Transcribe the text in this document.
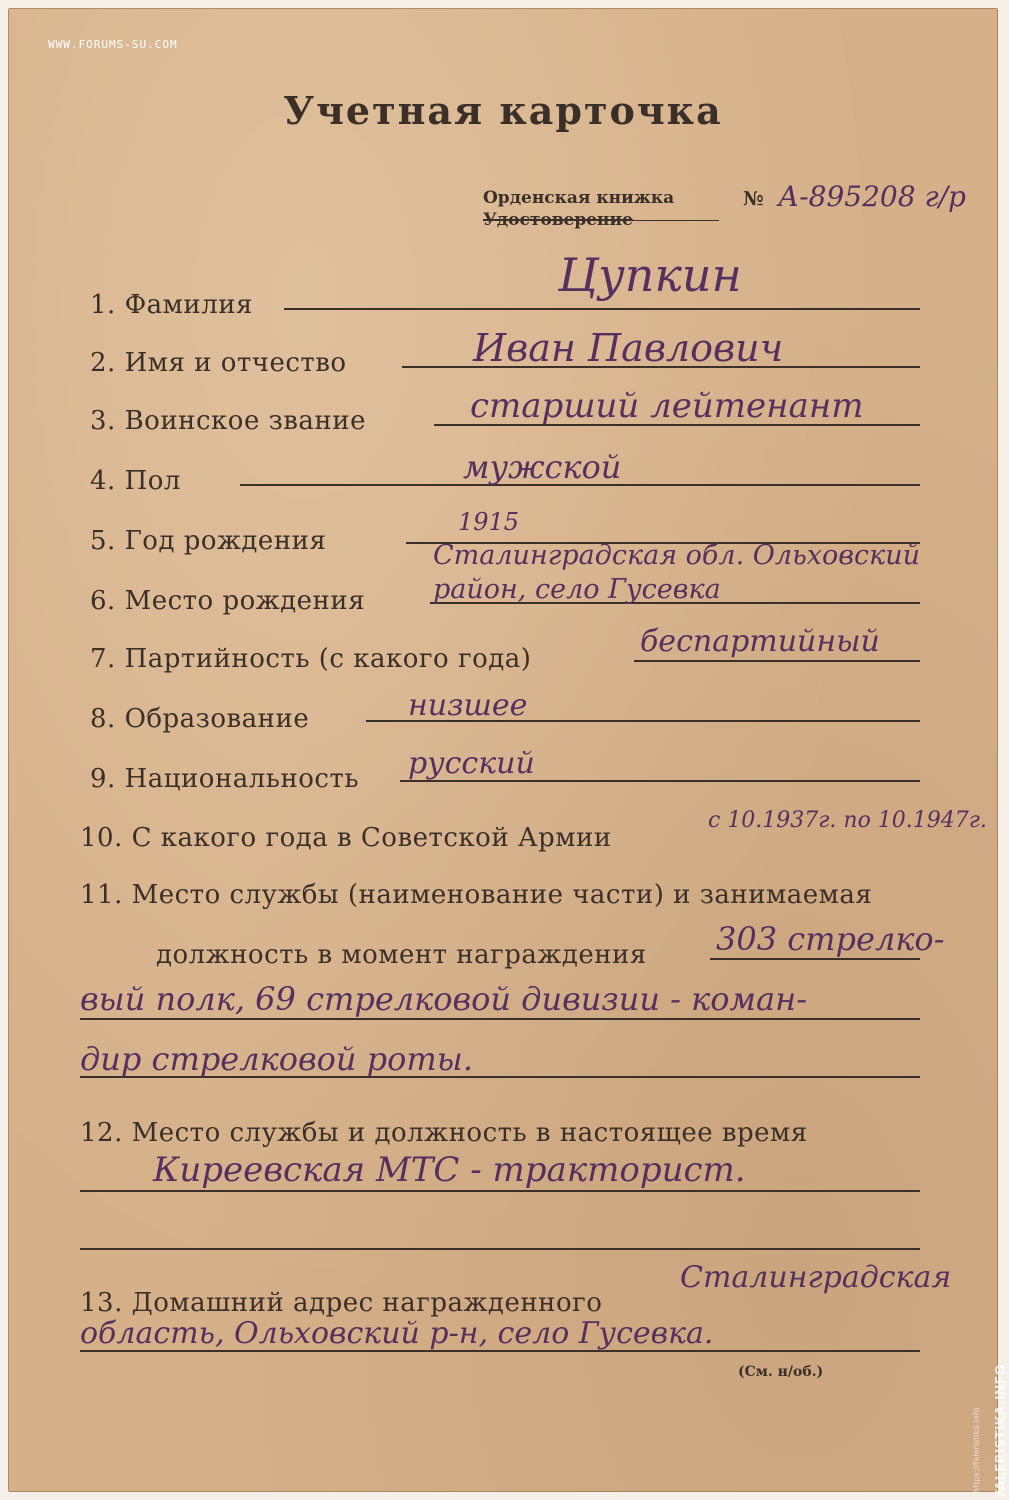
WWW.FORUMS-SU.COM
FALERISTIKA.INFO
https://faleristika.info
Учетная карточка
Орденская книжка
Удостоверение
№ А-895208 г/р
1. Фамилия
Цупкин
2. Имя и отчество	Иван Павлович
3. Воинское звание	старший лейтенант
4. Пол	мужской
5. Год рождения
1915
6. Место рождения
Сталинградская обл. Ольховский
район, село Гусевка
7. Партийность (с какого года)	беспартийный
8. Образование	низшее
9. Национальность русский
10. С какого года в Советской Армии
с 10.1937г. по 10.1947г.
11. Место службы (наименование части) и занимаемая
должность в момент награждения 303 стрелко-
вый полк, 69 стрелковой дивизии - коман-
дир стрелковой роты.
12. Место службы и должность в настоящее время
Киреевская МТС - тракторист.
13. Домашний адрес награжденного
Сталинградская
область, Ольховский р-н, село Гусевка.
(См. н/об.)
